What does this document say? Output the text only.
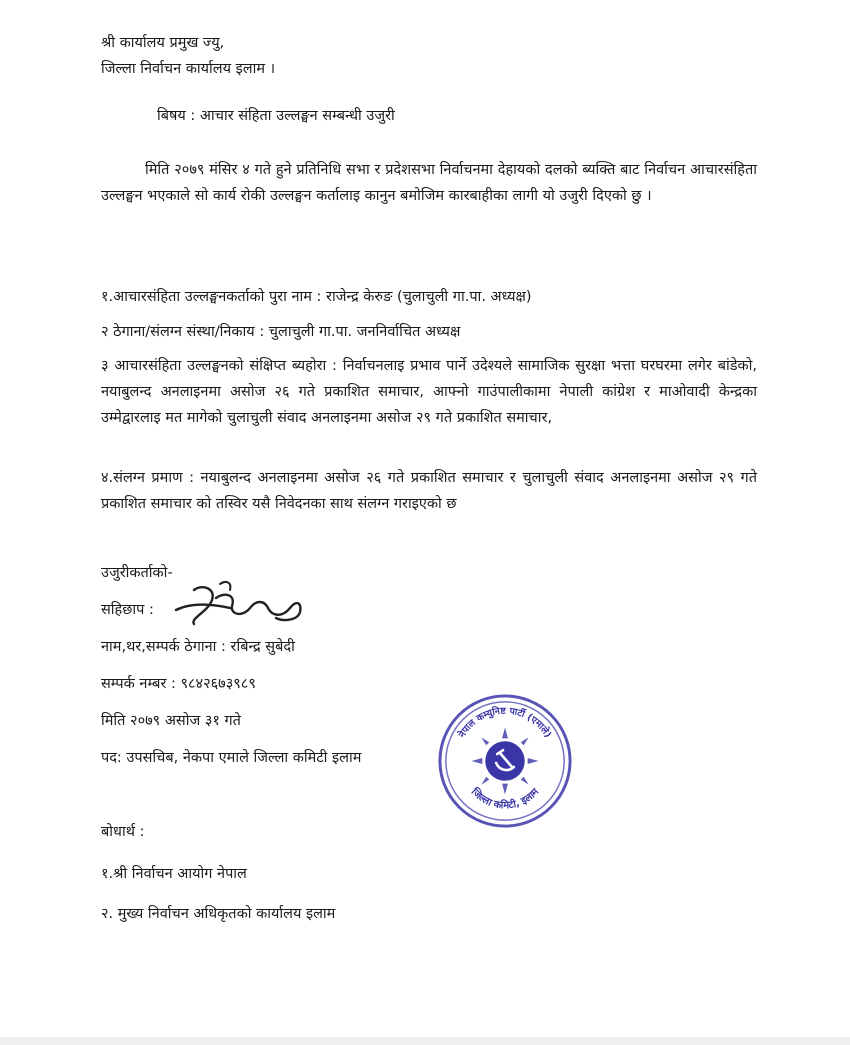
श्री कार्यालय प्रमुख ज्यु,
जिल्ला निर्वाचन कार्यालय इलाम ।
बिषय : आचार संहिता उल्लङ्घन सम्बन्धी उजुरी
मिति २०७९ मंसिर ४ गते हुने प्रतिनिधि सभा र प्रदेशसभा निर्वाचनमा देहायको दलको ब्यक्ति बाट निर्वाचन आचारसंहिता उल्लङ्घन भएकाले सो कार्य रोकी उल्लङ्घन कर्तालाइ कानुन बमोजिम कारबाहीका लागी यो उजुरी दिएको छु ।
१.आचारसंहिता उल्लङ्घनकर्ताको पुरा नाम : राजेन्द्र केरुङ (चुलाचुली गा.पा. अध्यक्ष)
२ ठेगाना/संलग्न संस्था/निकाय : चुलाचुली गा.पा. जननिर्वाचित अध्यक्ष
३ आचारसंहिता उल्लङ्घनको संक्षिप्त ब्यहोरा : निर्वाचनलाइ प्रभाव पार्ने उदेश्यले सामाजिक सुरक्षा भत्ता घरघरमा लगेर बांडेको, नयाबुलन्द अनलाइनमा असोज २६ गते प्रकाशित समाचार, आफ्नो गाउंपालीकामा नेपाली कांग्रेश र माओवादी केन्द्रका उम्मेद्वारलाइ मत मागेको चुलाचुली संवाद अनलाइनमा असोज २९ गते प्रकाशित समाचार,
४.संलग्न प्रमाण : नयाबुलन्द अनलाइनमा असोज २६ गते प्रकाशित समाचार र चुलाचुली संवाद अनलाइनमा असोज २९ गते प्रकाशित समाचार को तस्विर यसै निवेदनका साथ संलग्न गराइएको छ
उजुरीकर्ताको-
सहिछाप :
नाम,थर,सम्पर्क ठेगाना : रबिन्द्र सुबेदी
सम्पर्क नम्बर : ९८४२६७३९८९
मिति २०७९ असोज ३१ गते
पद: उपसचिब, नेकपा एमाले जिल्ला कमिटी इलाम
नेपाल कम्युनिष्ट पार्टी (एमाले)
जिल्ला कमिटी, इलाम
बोधार्थ :
१.श्री निर्वाचन आयोग नेपाल
२. मुख्य निर्वाचन अधिकृतको कार्यालय इलाम
